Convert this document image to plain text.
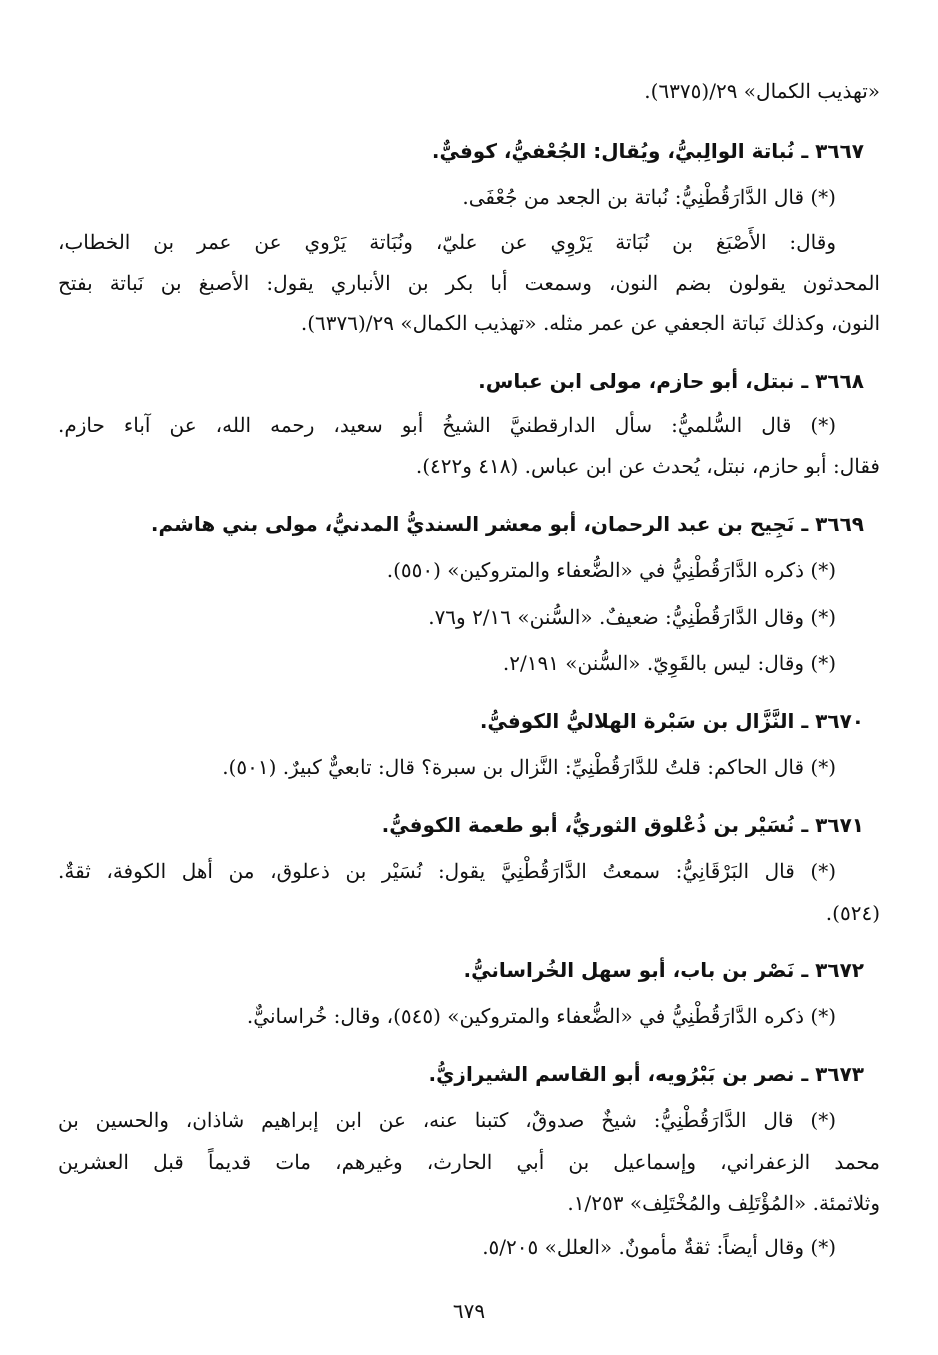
«تهذيب الكمال» ٢٩/(٦٣٧٥).
٣٦٦٧ ـ نُباتة الوالِبيُّ، ويُقال: الجُعْفيُّ، كوفيٌّ.
(*) قال الدَّارَقُطْنِيُّ: نُباتة بن الجعد من جُعْفَى.
وقال: الأَصْبَغ بن نُبَاتة يَرْوِي عن عليّ، ونُبَاتة يَرْوي عن عمر بن الخطاب،
المحدثون يقولون بضم النون، وسمعت أبا بكر بن الأنباري يقول: الأصبغ بن نَباتة بفتح
النون، وكذلك نَباتة الجعفي عن عمر مثله. «تهذيب الكمال» ٢٩/(٦٣٧٦).
٣٦٦٨ ـ نبتل، أبو حازم، مولى ابن عباس.
(*) قال السُّلميُّ: سأل الدارقطنيَّ الشيخُ أبو سعيد، رحمه الله، عن آباء حازم.
فقال: أبو حازم، نبتل، يُحدث عن ابن عباس. (٤١٨ و٤٢٢).
٣٦٦٩ ـ نَجِيح بن عبد الرحمان، أبو معشر السنديُّ المدنيُّ، مولى بني هاشم.
(*) ذكره الدَّارَقُطْنِيُّ في «الضُّعفاء والمتروكين» (٥٥٠).
(*) وقال الدَّارَقُطْنِيُّ: ضعيفٌ. «السُّنن» ٢/١٦ و٧٦.
(*) وقال: ليس بالقَوِيّ. «السُّنن» ٢/١٩١.
٣٦٧٠ ـ النَّزَّال بن سَبْرة الهلاليُّ الكوفيُّ.
(*) قال الحاكم: قلتُ للدَّارَقُطْنِيِّ: النَّزال بن سبرة؟ قال: تابعيٌّ كبيرٌ. (٥٠١).
٣٦٧١ ـ نُسَيْر بن ذُعْلوق الثوريُّ، أبو طعمة الكوفيُّ.
(*) قال البَرْقَانِيُّ: سمعتُ الدَّارَقُطْنِيَّ يقول: نُسَيْر بن ذعلوق، من أهل الكوفة، ثقةٌ.
(٥٢٤).
٣٦٧٢ ـ نَصْر بن باب، أبو سهل الخُراسانيُّ.
(*) ذكره الدَّارَقُطْنِيُّ في «الضُّعفاء والمتروكين» (٥٤٥)، وقال: خُراسانيٌّ.
٣٦٧٣ ـ نصر بن بَبْرُويه، أبو القاسم الشيرازيُّ.
(*) قال الدَّارَقُطْنِيُّ: شيخٌ صدوقٌ، كتبنا عنه، عن ابن إبراهيم شاذان، والحسين بن
محمد الزعفراني، وإسماعيل بن أبي الحارث، وغيرهم، مات قديماً قبل العشرين
وثلاثمئة. «المُؤْتَلِف والمُخْتَلِف» ١/٢٥٣.
(*) وقال أيضاً: ثقةٌ مأمونٌ. «العلل» ٥/٢٠٥.
٦٧٩
